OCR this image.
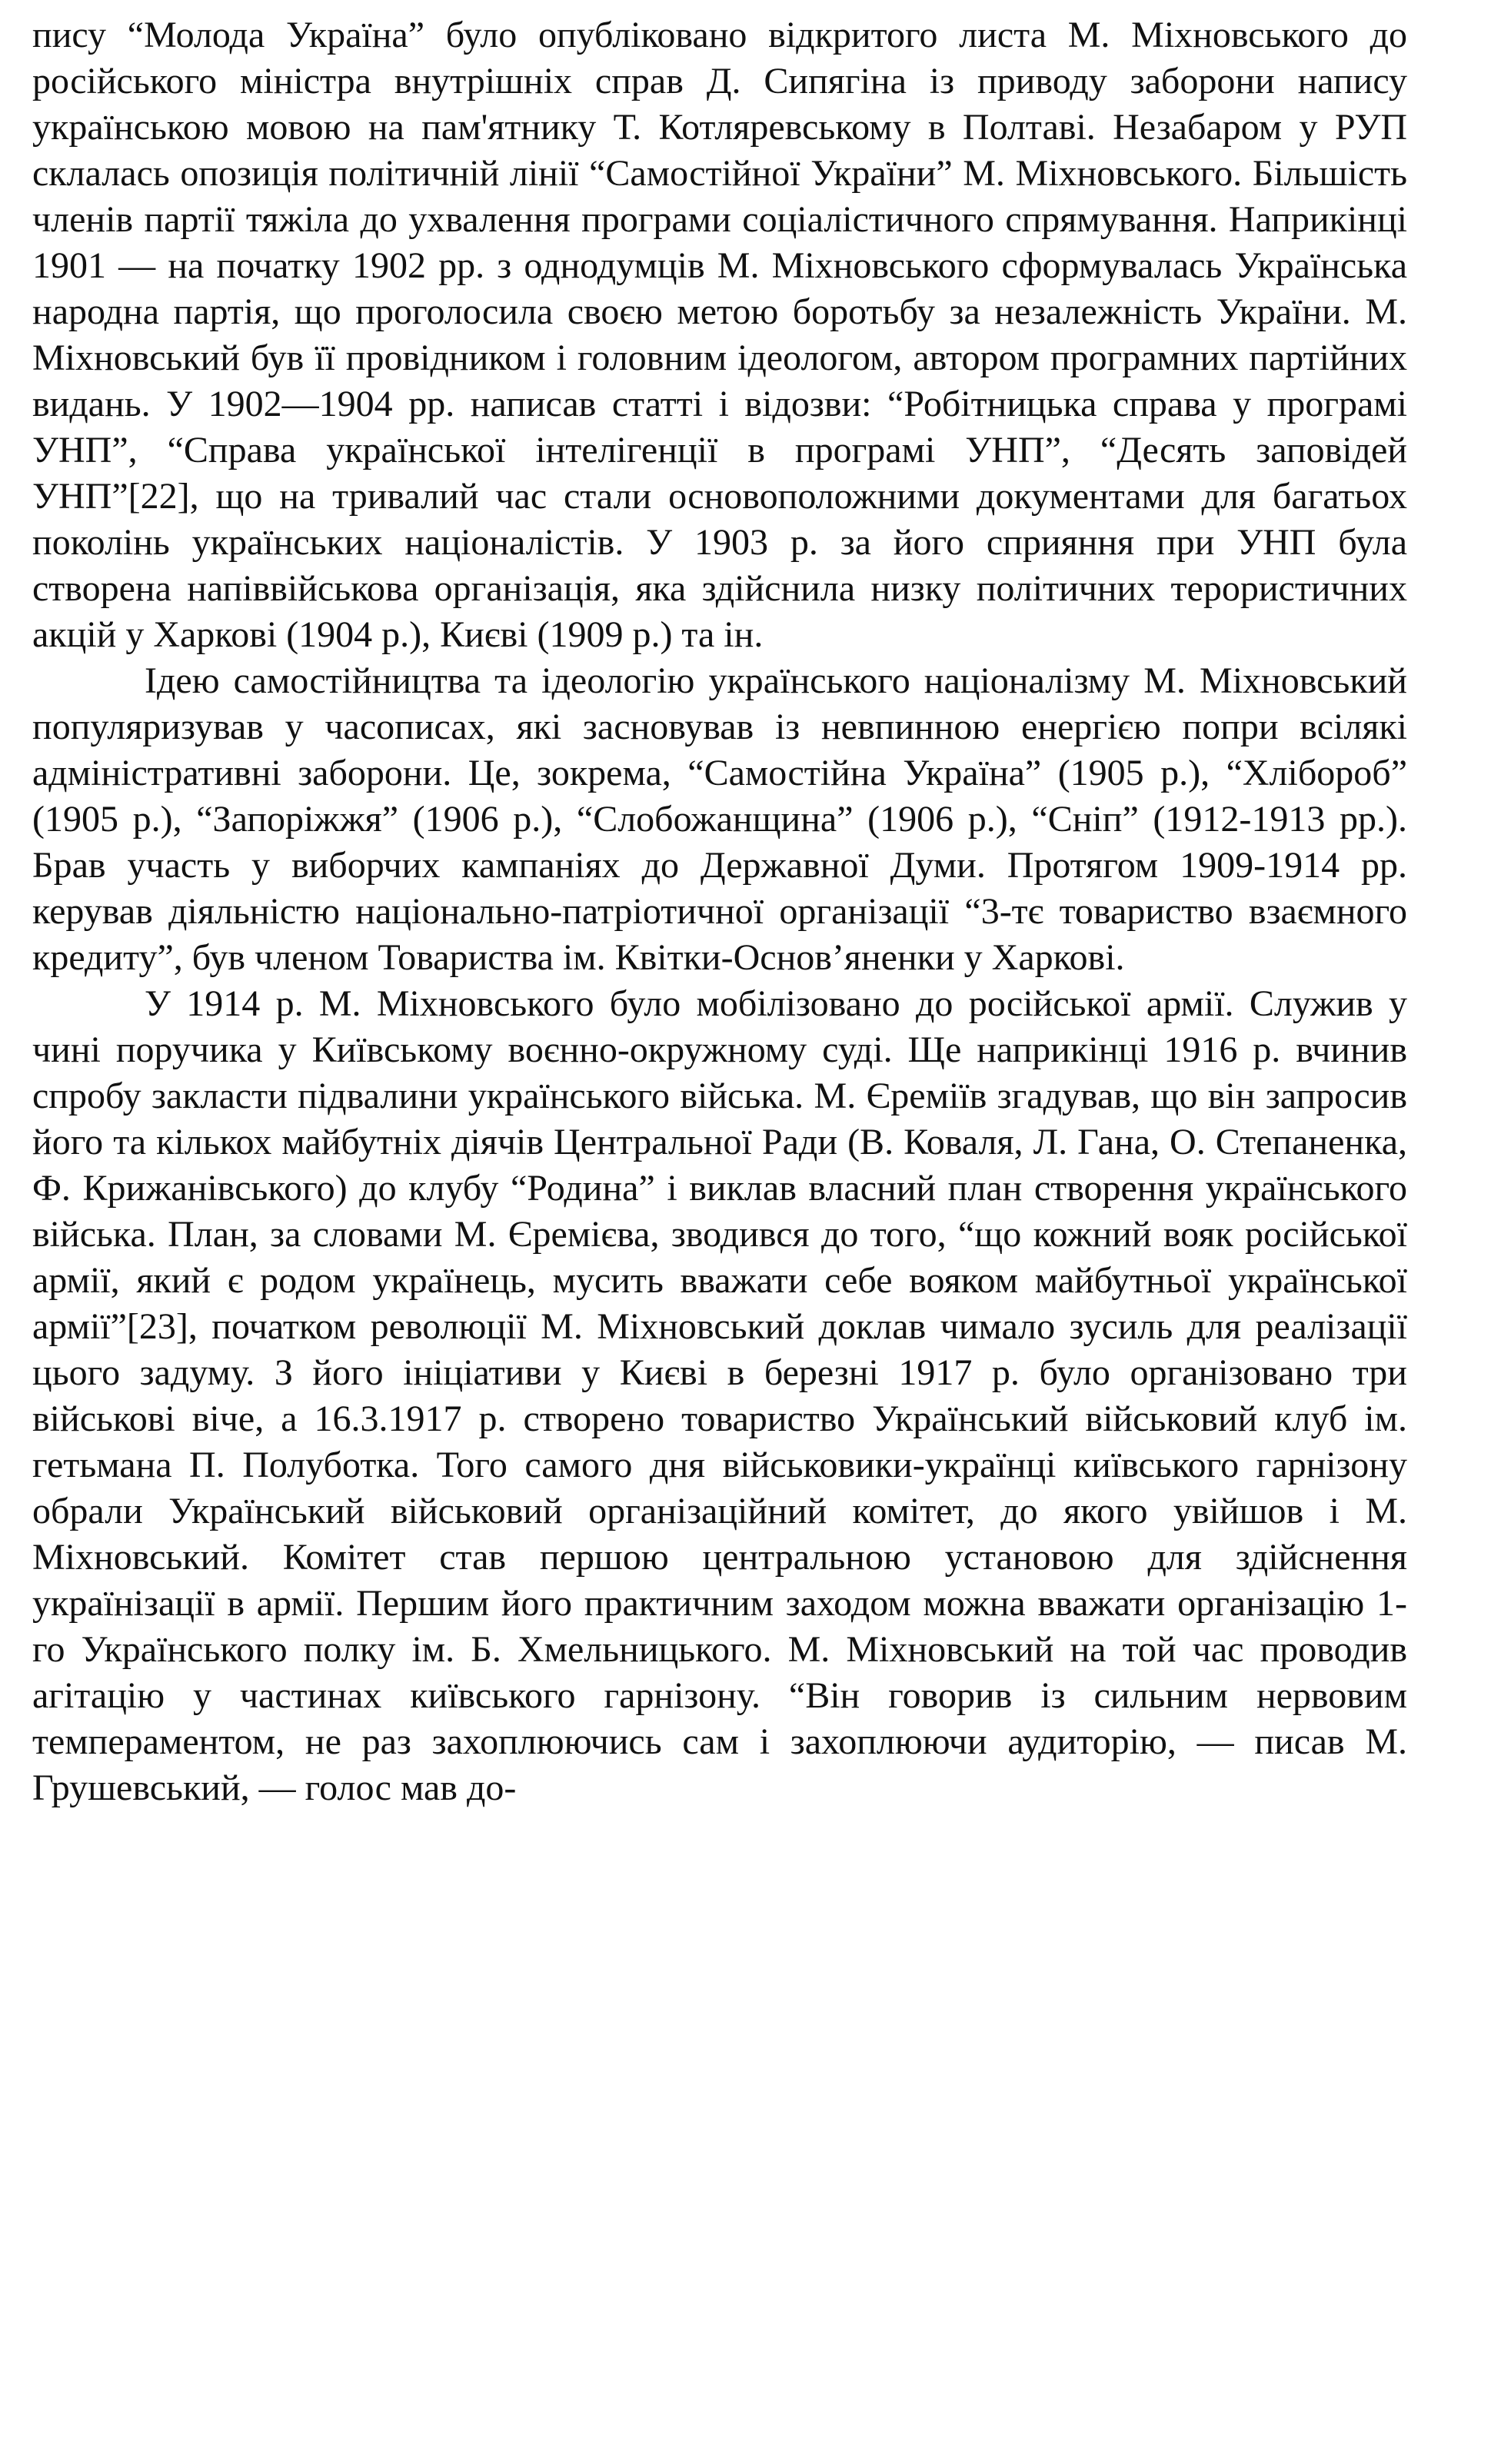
пису “Молода Україна” було опубліковано відкритого листа М. Міхновського до російського міністра внутрішніх справ Д. Сипягіна із приводу заборони напису українською мовою на пам'ятнику Т. Котляревському в Полтаві. Незабаром у РУП склалась опозиція політичній лінії “Самостійної України” М. Міхновського. Більшість членів партії тяжіла до ухвалення програми соціалістичного спрямування. Наприкінці 1901 — на початку 1902 рр. з однодумців М. Міхновського сформувалась Українська народна партія, що проголосила своєю метою боротьбу за незалежність України. М. Міхновський був її провідником і головним ідеологом, автором програмних партійних видань. У 1902—1904 рр. написав статті і відозви: “Робітницька справа у програмі УНП”, “Справа української інтелігенції в програмі УНП”, “Десять заповідей УНП”[22], що на тривалий час стали основоположними документами для багатьох поколінь українських націоналістів. У 1903 р. за його сприяння при УНП була створена напіввійськова організація, яка здійснила низку політичних терористичних акцій у Харкові (1904 р.), Києві (1909 р.) та ін.

Ідею самостійництва та ідеологію українського націоналізму М. Міхновський популяризував у часописах, які засновував із невпинною енергією попри всілякі адміністративні заборони. Це, зокрема, “Самостійна Україна” (1905 р.), “Хлібороб” (1905 р.), “Запоріжжя” (1906 р.), “Слобожанщина” (1906 р.), “Сніп” (1912-1913 рр.). Брав участь у виборчих кампаніях до Державної Думи. Протягом 1909-1914 рр. керував діяльністю національно-патріотичної організації “3-тє товариство взаємного кредиту”, був членом Товариства ім. Квітки-Основ’яненки у Харкові.

У 1914 р. М. Міхновського було мобілізовано до російської армії. Служив у чині поручика у Київському воєнно-окружному суді. Ще наприкінці 1916 р. вчинив спробу закласти підвалини українського війська. М. Єреміїв згадував, що він запросив його та кількох майбутніх діячів Центральної Ради (В. Коваля, Л. Гана, О. Степаненка, Ф. Крижанівського) до клубу “Родина” і виклав власний план створення українського війська. План, за словами М. Єремієва, зводився до того, “що кожний вояк російської армії, який є родом українець, мусить вважати себе вояком майбутньої української армії”[23], початком революції М. Міхновський доклав чимало зусиль для реалізації цього задуму. З його ініціативи у Києві в березні 1917 р. було організовано три військові віче, а 16.3.1917 р. створено товариство Український військовий клуб ім. гетьмана П. Полуботка. Того самого дня військовики-українці київського гарнізону обрали Український військовий організаційний комітет, до якого увійшов і М. Міхновський. Комітет став першою центральною установою для здійснення українізації в армії. Першим його практичним заходом можна вважати організацію 1-го Українського полку ім. Б. Хмельницького. М. Міхновський на той час проводив агітацію у частинах київського гарнізону. “Він говорив із сильним нервовим темпераментом, не раз захоплюючись сам і захоплюючи аудиторію, — писав М. Грушевський, — голос мав до-
